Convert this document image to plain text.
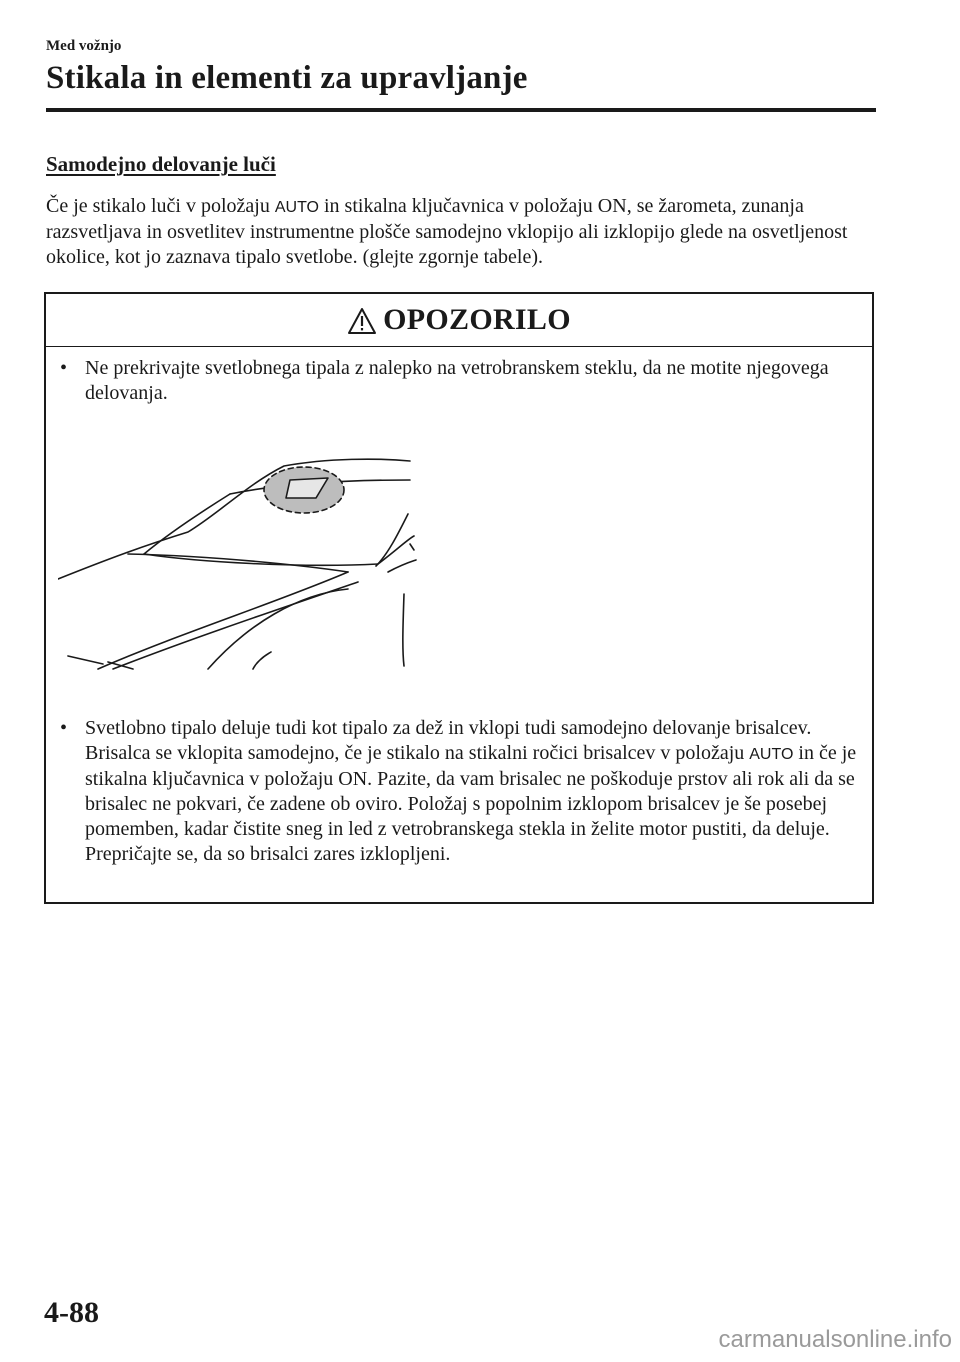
Med vožnjo
Stikala in elementi za upravljanje
Samodejno delovanje luči
Če je stikalo luči v položaju AUTO in stikalna ključavnica v položaju ON, se žarometa, zunanja razsvetljava in osvetlitev instrumentne plošče samodejno vklopijo ali izklopijo glede na osvetljenost okolice, kot jo zaznava tipalo svetlobe. (glejte zgornje tabele).
OPOZORILO
• Ne prekrivajte svetlobnega tipala z nalepko na vetrobranskem steklu, da ne motite njegovega delovanja.
• Svetlobno tipalo deluje tudi kot tipalo za dež in vklopi tudi samodejno delovanje brisalcev. Brisalca se vklopita samodejno, če je stikalo na stikalni ročici brisalcev v položaju AUTO in če je stikalna ključavnica v položaju ON. Pazite, da vam brisalec ne poškoduje prstov ali rok ali da se brisalec ne pokvari, če zadene ob oviro. Položaj s popolnim izklopom brisalcev je še posebej pomemben, kadar čistite sneg in led z vetrobranskega stekla in želite motor pustiti, da deluje. Prepričajte se, da so brisalci zares izklopljeni.
4-88
carmanualsonline.info
